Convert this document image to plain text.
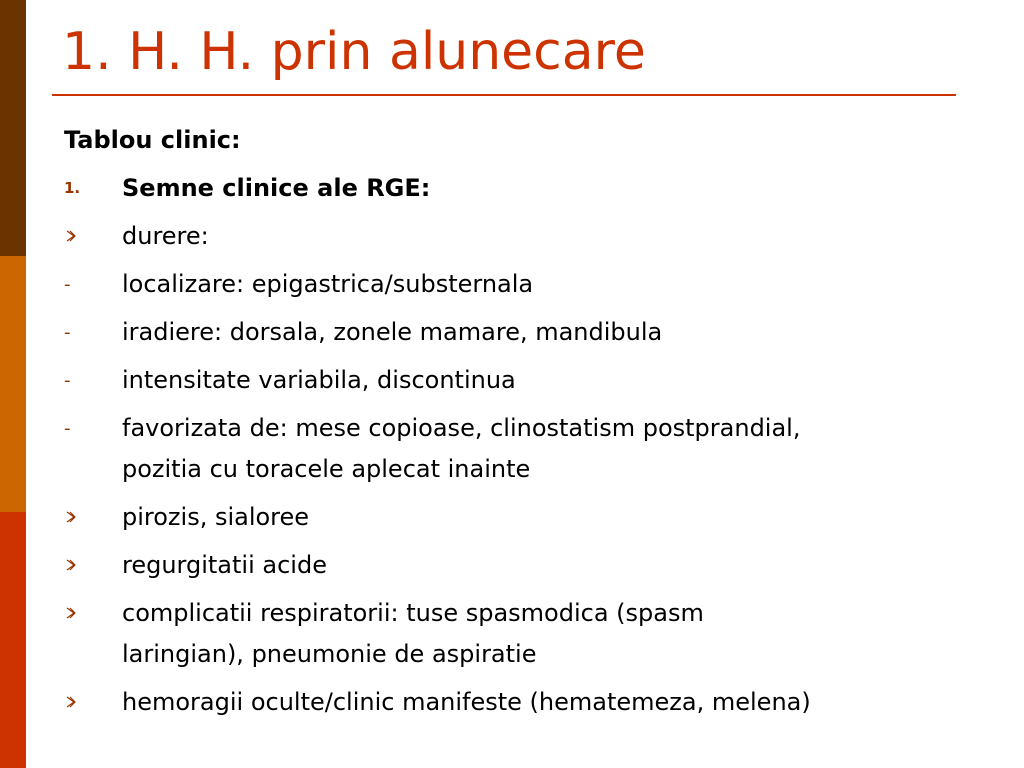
1. H. H. prin alunecare
Tablou clinic:
1.	Semne clinice ale RGE:
durere:
-	localizare: epigastrica/substernala
-	iradiere: dorsala, zonele mamare, mandibula
-	intensitate variabila, discontinua
-	favorizata de: mese copioase, clinostatism postprandial,
pozitia cu toracele aplecat inainte
pirozis, sialoree
regurgitatii acide
complicatii respiratorii: tuse spasmodica (spasm
laringian), pneumonie de aspiratie
hemoragii oculte/clinic manifeste (hematemeza, melena)
